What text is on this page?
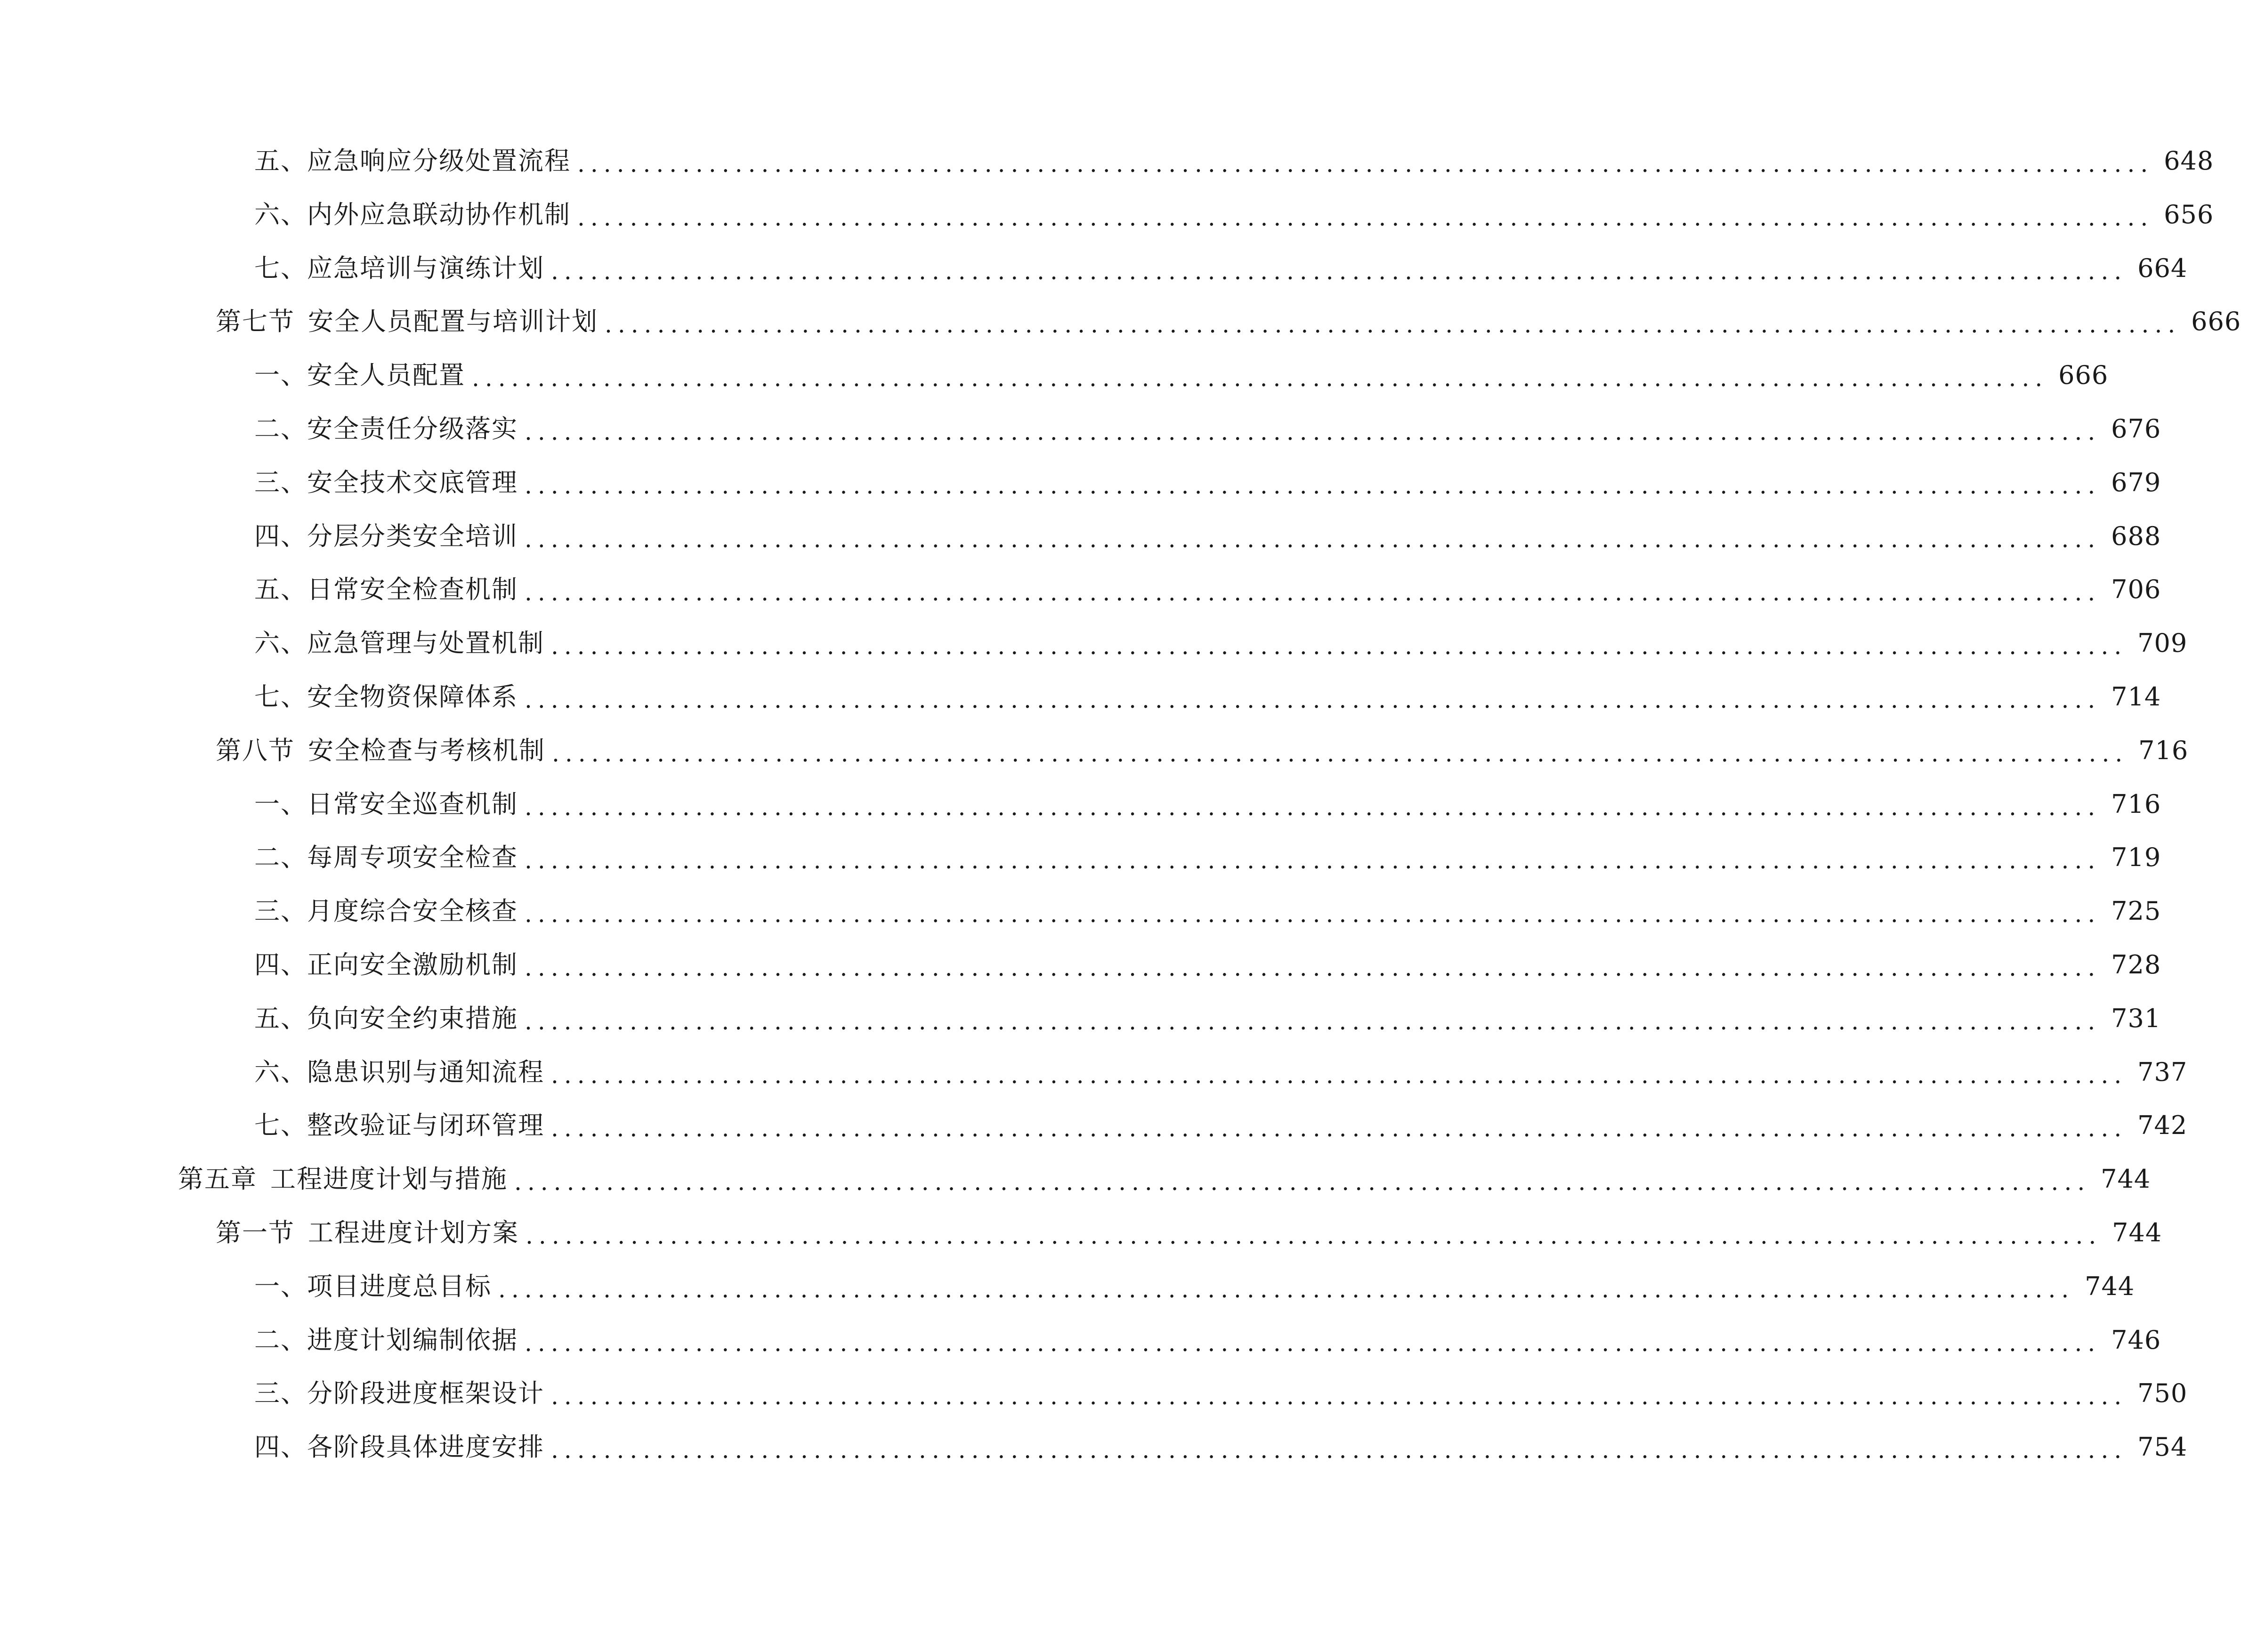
五、应急响应分级处置流程 ........................................................................................................................ 648
六、内外应急联动协作机制 ........................................................................................................................ 656
七、应急培训与演练计划 ........................................................................................................................ 664
第七节 安全人员配置与培训计划 ........................................................................................................................ 666
一、安全人员配置 ........................................................................................................................ 666
二、安全责任分级落实 ........................................................................................................................ 676
三、安全技术交底管理 ........................................................................................................................ 679
四、分层分类安全培训 ........................................................................................................................ 688
五、日常安全检查机制 ........................................................................................................................ 706
六、应急管理与处置机制 ........................................................................................................................ 709
七、安全物资保障体系 ........................................................................................................................ 714
第八节 安全检查与考核机制 ........................................................................................................................ 716
一、日常安全巡查机制 ........................................................................................................................ 716
二、每周专项安全检查 ........................................................................................................................ 719
三、月度综合安全核查 ........................................................................................................................ 725
四、正向安全激励机制 ........................................................................................................................ 728
五、负向安全约束措施 ........................................................................................................................ 731
六、隐患识别与通知流程 ........................................................................................................................ 737
七、整改验证与闭环管理 ........................................................................................................................ 742
第五章 工程进度计划与措施 ........................................................................................................................ 744
第一节 工程进度计划方案 ........................................................................................................................ 744
一、项目进度总目标 ........................................................................................................................ 744
二、进度计划编制依据 ........................................................................................................................ 746
三、分阶段进度框架设计 ........................................................................................................................ 750
四、各阶段具体进度安排 ........................................................................................................................ 754
